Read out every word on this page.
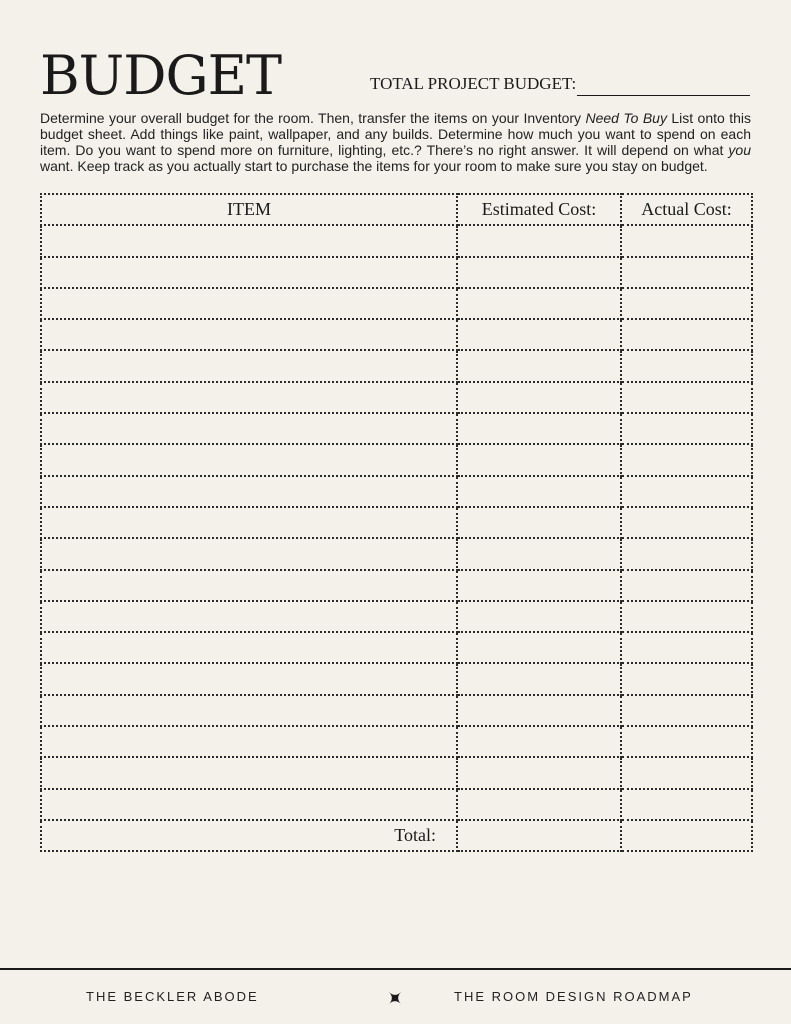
BUDGET	TOTAL PROJECT BUDGET:

Determine your overall budget for the room. Then, transfer the items on your Inventory Need To Buy List onto this budget sheet. Add things like paint, wallpaper, and any builds. Determine how much you want to spend on each item. Do you want to spend more on furniture, lighting, etc.? There’s no right answer. It will depend on what you want. Keep track as you actually start to purchase the items for your room to make sure you stay on budget.

ITEM	Estimated Cost:	Actual Cost:

Total:		
THE BECKLER ABODE	THE ROOM DESIGN ROADMAP
